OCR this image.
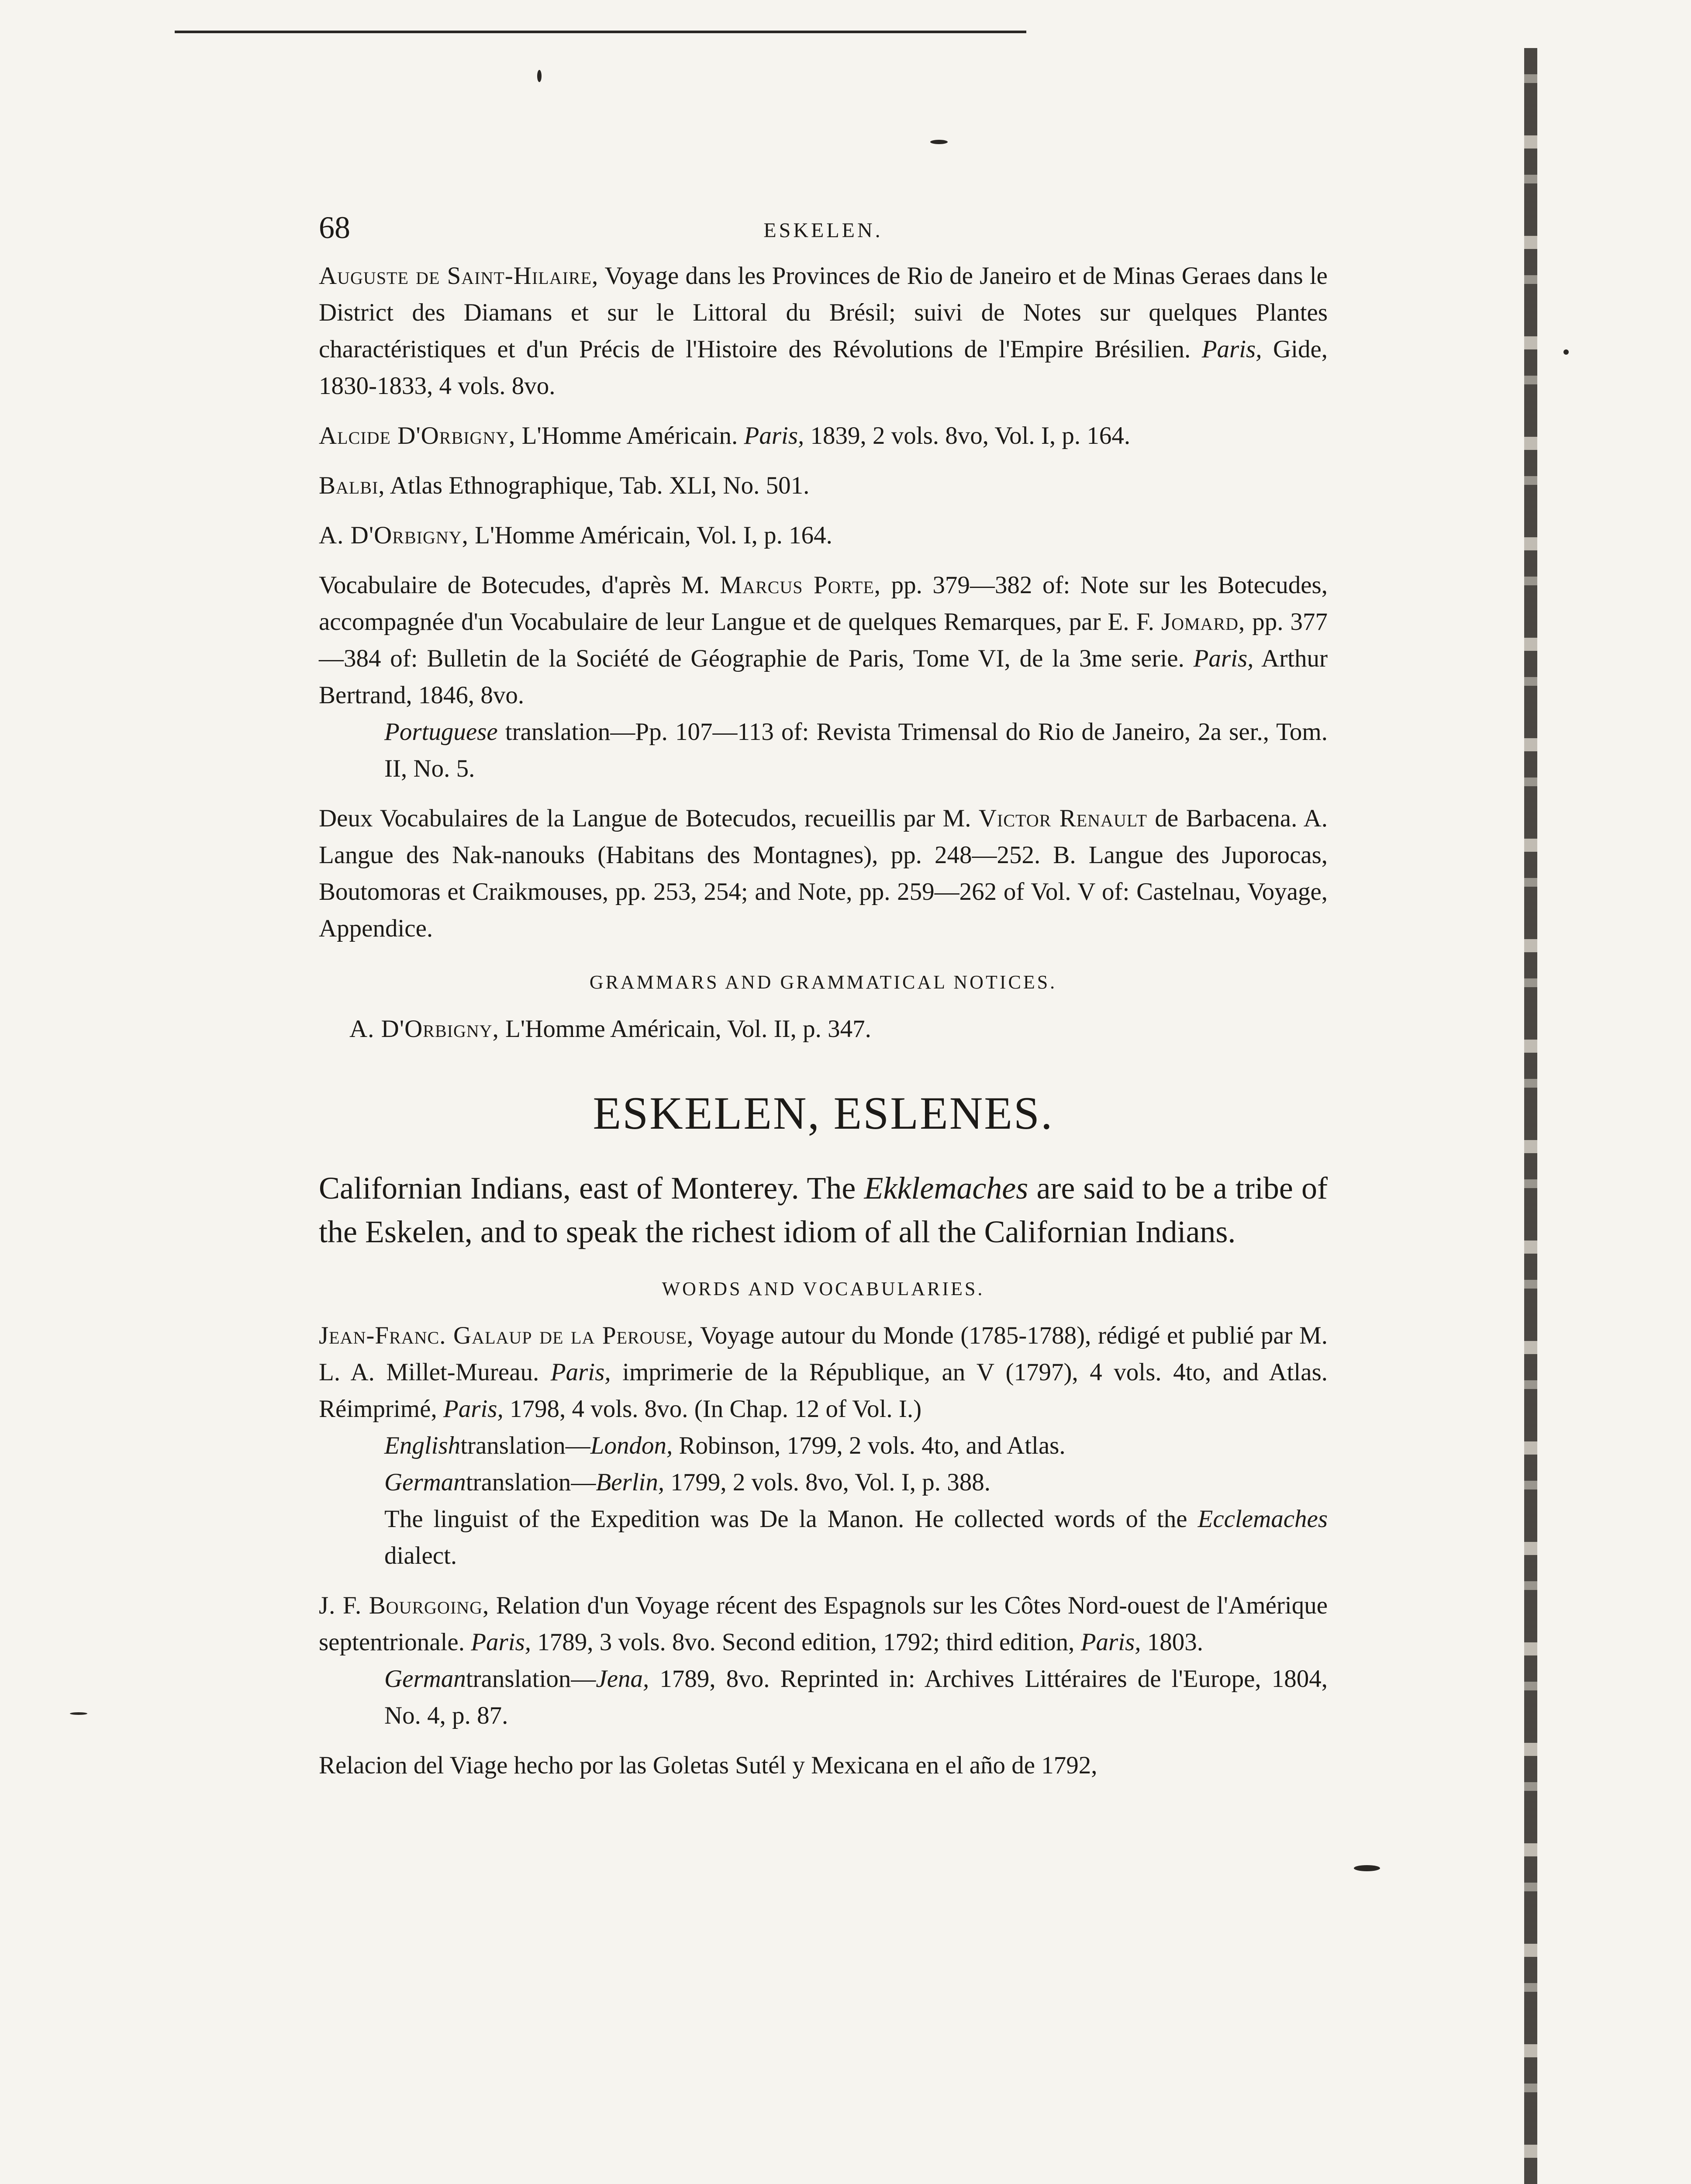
68	ESKELEN.

Auguste de Saint-Hilaire, Voyage dans les Provinces de Rio de Janeiro et de Minas Geraes dans le District des Diamans et sur le Littoral du Brésil; suivi de Notes sur quelques Plantes charactéristiques et d'un Précis de l'Histoire des Révolutions de l'Empire Brésilien. Paris, Gide, 1830-1833, 4 vols. 8vo.

Alcide D'Orbigny, L'Homme Américain. Paris, 1839, 2 vols. 8vo, Vol. I, p. 164.

Balbi, Atlas Ethnographique, Tab. XLI, No. 501.

A. D'Orbigny, L'Homme Américain, Vol. I, p. 164.

Vocabulaire de Botecudes, d'après M. Marcus Porte, pp. 379—382 of: Note sur les Botecudes, accompagnée d'un Vocabulaire de leur Langue et de quelques Remarques, par E. F. Jomard, pp. 377—384 of: Bulletin de la Société de Géographie de Paris, Tome VI, de la 3me serie. Paris, Arthur Bertrand, 1846, 8vo.
Portuguese translation—Pp. 107—113 of: Revista Trimensal do Rio de Janeiro, 2a ser., Tom. II, No. 5.

Deux Vocabulaires de la Langue de Botecudos, recueillis par M. Victor Renault de Barbacena. A. Langue des Nak-nanouks (Habitans des Montagnes), pp. 248—252. B. Langue des Juporocas, Boutomoras et Craikmouses, pp. 253, 254; and Note, pp. 259—262 of Vol. V of: Castelnau, Voyage, Appendice.

GRAMMARS AND GRAMMATICAL NOTICES.

A. D'Orbigny, L'Homme Américain, Vol. II, p. 347.

ESKELEN, ESLENES.

Californian Indians, east of Monterey. The Ekklemaches are said to be a tribe of the Eskelen, and to speak the richest idiom of all the Californian Indians.

WORDS AND VOCABULARIES.

Jean-Franc. Galaup de la Perouse, Voyage autour du Monde (1785-1788), rédigé et publié par M. L. A. Millet-Mureau. Paris, imprimerie de la République, an V (1797), 4 vols. 4to, and Atlas. Réimprimé, Paris, 1798, 4 vols. 8vo. (In Chap. 12 of Vol. I.)
Englishtranslation—London, Robinson, 1799, 2 vols. 4to, and Atlas.
Germantranslation—Berlin, 1799, 2 vols. 8vo, Vol. I, p. 388.
The linguist of the Expedition was De la Manon. He collected words of the Ecclemaches dialect.

J. F. Bourgoing, Relation d'un Voyage récent des Espagnols sur les Côtes Nord-ouest de l'Amérique septentrionale. Paris, 1789, 3 vols. 8vo. Second edition, 1792; third edition, Paris, 1803.
Germantranslation—Jena, 1789, 8vo. Reprinted in: Archives Littéraires de l'Europe, 1804, No. 4, p. 87.

Relacion del Viage hecho por las Goletas Sutél y Mexicana en el año de 1792,
